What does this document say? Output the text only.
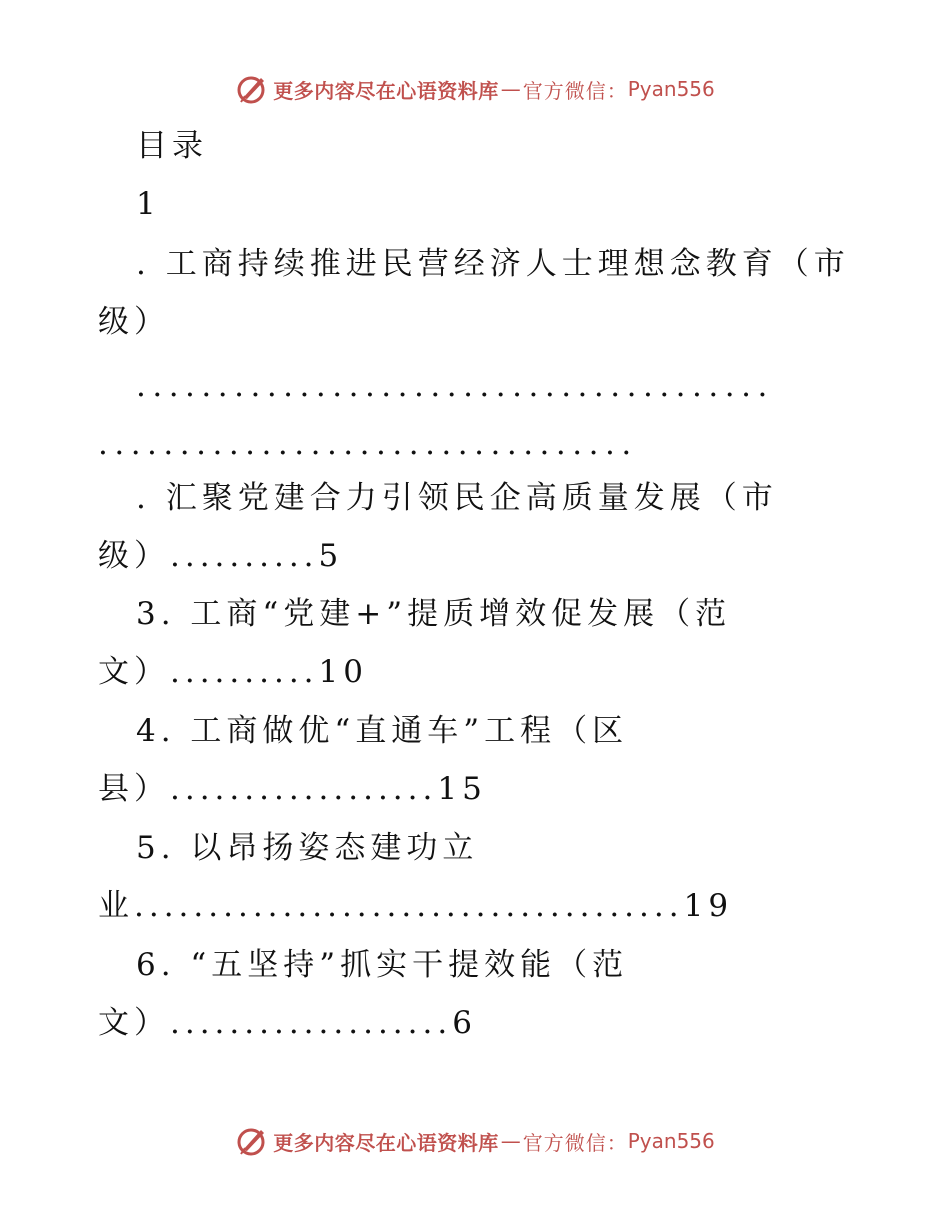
更多内容尽在心语资料库 — 官方微信： Pyan556
目录
1
. 工商持续推进民营经济人士理想念教育（市
级）
.......................................
.................................
. 汇聚党建合力引领民企高质量发展（市
级）..........5
3. 工商“党建+”提质增效促发展（范
文）..........10
4. 工商做优“直通车”工程（区
县）..................15
5. 以昂扬姿态建功立
业.....................................19
6. “五坚持”抓实干提效能（范
文）...................6
更多内容尽在心语资料库 — 官方微信： Pyan556
